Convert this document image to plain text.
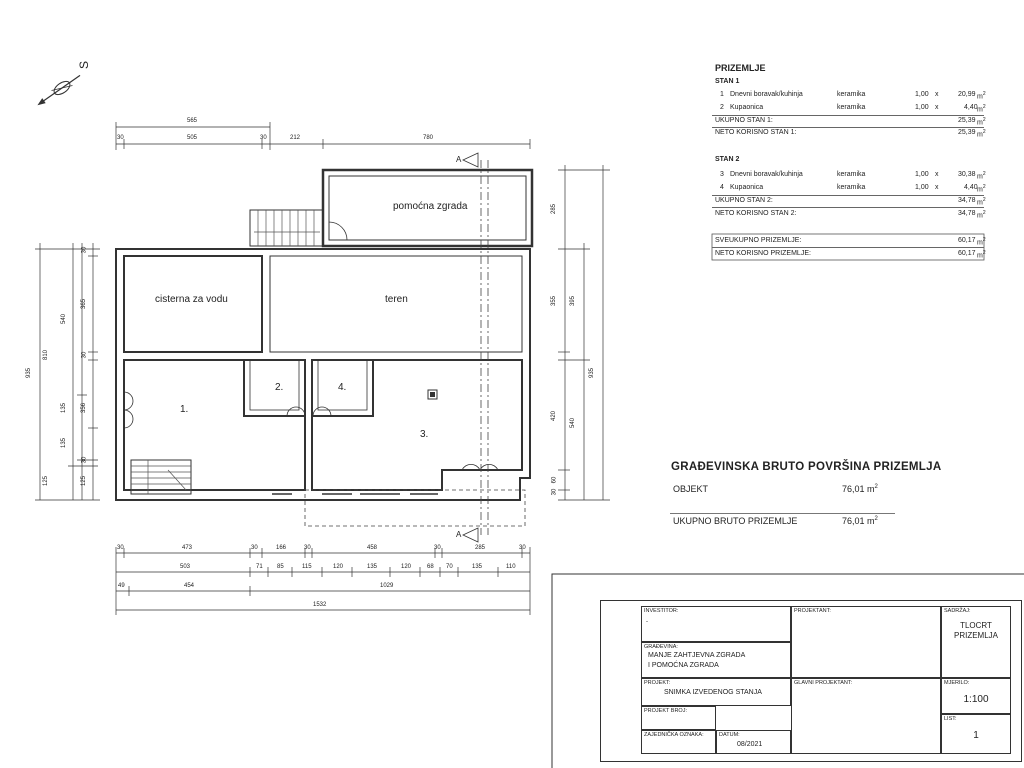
pomoćna zgrada
cisterna za vodu	teren
1.
2.	4.
3.
A
A
S
565
30	505	30	212	780
30	473	30	166	30	458	30	285	30
503	71 85	115	120	135	120	68 70	135	110
49	454	1029
1532
935
810
540
135
125
30
365
30
356
135
30
125
285
355
420
60
30
395
540
935
PRIZEMLJE
STAN 1
1 Dnevni boravak/kuhinja	keramika	1,00 x	20,99 $m^2$
2 Kupaonica	keramika	1,00 x	4,40 $m^2$
UKUPNO STAN 1:	25,39 $m^2$
NETO KORISNO STAN 1:	25,39 $m^2$
STAN 2
3 Dnevni boravak/kuhinja	keramika	1,00 x	30,38 $m^2$
4 Kupaonica	keramika	1,00 x	4,40 $m^2$
UKUPNO STAN 2:	34,78 $m^2$
NETO KORISNO STAN 2:	34,78 $m^2$
SVEUKUPNO PRIZEMLJE:	60,17 $m^2$
NETO KORISNO PRIZEMLJE:	60,17 $m^2$
GRAĐEVINSKA BRUTO POVRŠINA PRIZEMLJA
OBJEKT	76,01 $m^2$
UKUPNO BRUTO PRIZEMLJE	76,01 $m^2$
INVESTITOR:
-
GRAĐEVINA:
MANJE ZAHTJEVNA ZGRADA
I POMOĆNA ZGRADA
PROJEKT:
SNIMKA IZVEDENOG STANJA
PROJEKT BROJ:
ZAJEDNIČKA OZNAKA:	DATUM:
08/2021
PROJEKTANT:
GLAVNI PROJEKTANT:
SADRŽAJ:
TLOCRT
PRIZEMLJA
MJERILO:
1:100
LIST:
1
